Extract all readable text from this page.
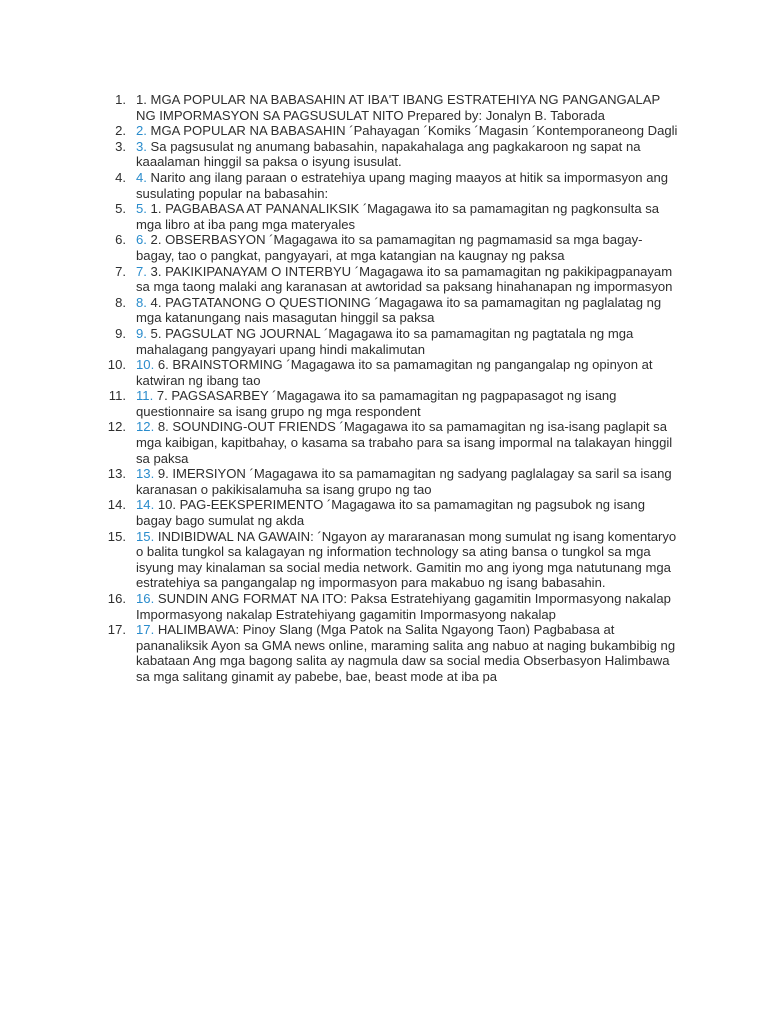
1. 1. MGA POPULAR NA BABASAHIN AT IBA'T IBANG ESTRATEHIYA NG PANGANGALAP NG IMPORMASYON SA PAGSUSULAT NITO Prepared by: Jonalyn B. Taborada
2. 2. MGA POPULAR NA BABASAHIN ´Pahayagan ´Komiks ´Magasin ´Kontemporaneong Dagli
3. 3. Sa pagsusulat ng anumang babasahin, napakahalaga ang pagkakaroon ng sapat na kaaalaman hinggil sa paksa o isyung isusulat.
4. 4. Narito ang ilang paraan o estratehiya upang maging maayos at hitik sa impormasyon ang susulating popular na babasahin:
5. 5. 1. PAGBABASA AT PANANALIKSIK ´Magagawa ito sa pamamagitan ng pagkonsulta sa mga libro at iba pang mga materyales
6. 6. 2. OBSERBASYON ´Magagawa ito sa pamamagitan ng pagmamasid sa mga bagay-bagay, tao o pangkat, pangyayari, at mga katangian na kaugnay ng paksa
7. 7. 3. PAKIKIPANAYAM O INTERBYU ´Magagawa ito sa pamamagitan ng pakikipagpanayam sa mga taong malaki ang karanasan at awtoridad sa paksang hinahanapan ng impormasyon
8. 8. 4. PAGTATANONG O QUESTIONING ´Magagawa ito sa pamamagitan ng paglalatag ng mga katanungang nais masagutan hinggil sa paksa
9. 9. 5. PAGSULAT NG JOURNAL ´Magagawa ito sa pamamagitan ng pagtatala ng mga mahalagang pangyayari upang hindi makalimutan
10. 10. 6. BRAINSTORMING ´Magagawa ito sa pamamagitan ng pangangalap ng opinyon at katwiran ng ibang tao
11. 11. 7. PAGSASARBEY ´Magagawa ito sa pamamagitan ng pagpapasagot ng isang questionnaire sa isang grupo ng mga respondent
12. 12. 8. SOUNDING-OUT FRIENDS ´Magagawa ito sa pamamagitan ng isa-isang paglapit sa mga kaibigan, kapitbahay, o kasama sa trabaho para sa isang impormal na talakayan hinggil sa paksa
13. 13. 9. IMERSIYON ´Magagawa ito sa pamamagitan ng sadyang paglalagay sa saril sa isang karanasan o pakikisalamuha sa isang grupo ng tao
14. 14. 10. PAG-EEKSPERIMENTO ´Magagawa ito sa pamamagitan ng pagsubok ng isang bagay bago sumulat ng akda
15. 15. INDIBIDWAL NA GAWAIN: ´Ngayon ay mararanasan mong sumulat ng isang komentaryo o balita tungkol sa kalagayan ng information technology sa ating bansa o tungkol sa mga isyung may kinalaman sa social media network. Gamitin mo ang iyong mga natutunang mga estratehiya sa pangangalap ng impormasyon para makabuo ng isang babasahin.
16. 16. SUNDIN ANG FORMAT NA ITO: Paksa Estratehiyang gagamitin Impormasyong nakalap Impormasyong nakalap Estratehiyang gagamitin Impormasyong nakalap
17. 17. HALIMBAWA: Pinoy Slang (Mga Patok na Salita Ngayong Taon) Pagbabasa at pananaliksik Ayon sa GMA news online, maraming salita ang nabuo at naging bukambibig ng kabataan Ang mga bagong salita ay nagmula daw sa social media Obserbasyon Halimbawa sa mga salitang ginamit ay pabebe, bae, beast mode at iba pa
